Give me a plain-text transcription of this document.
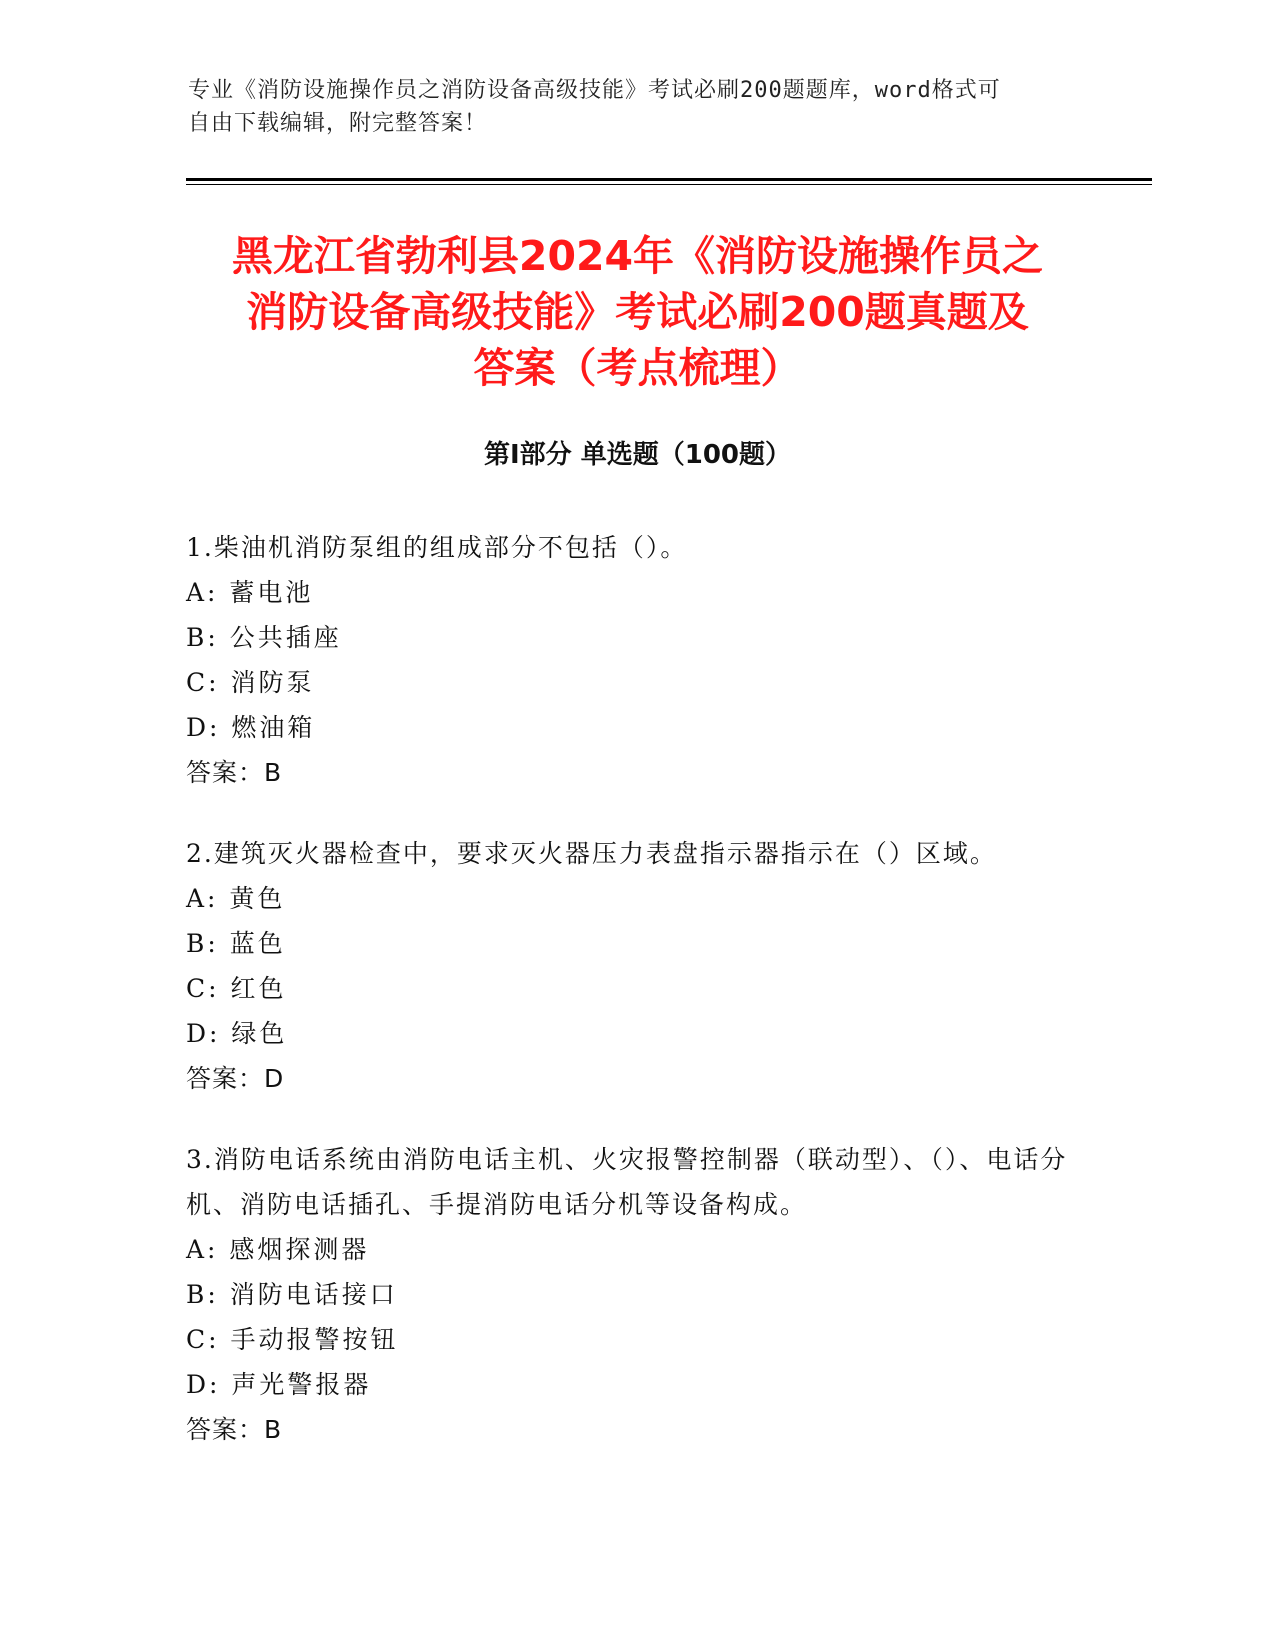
专业《消防设施操作员之消防设备高级技能》考试必刷200题题库，word格式可
自由下载编辑，附完整答案！
黑龙江省勃利县2024年《消防设施操作员之
消防设备高级技能》考试必刷200题真题及
答案（考点梳理）
第Ⅰ部分 单选题（100题）
1.柴油机消防泵组的组成部分不包括（）。
A: 蓄电池
B: 公共插座
C: 消防泵
D: 燃油箱
答案：B
2.建筑灭火器检查中，要求灭火器压力表盘指示器指示在（）区域。
A: 黄色
B: 蓝色
C: 红色
D: 绿色
答案：D
3.消防电话系统由消防电话主机、火灾报警控制器（联动型）、（）、电话分机、消防电话插孔、手提消防电话分机等设备构成。
A: 感烟探测器
B: 消防电话接口
C: 手动报警按钮
D: 声光警报器
答案：B
